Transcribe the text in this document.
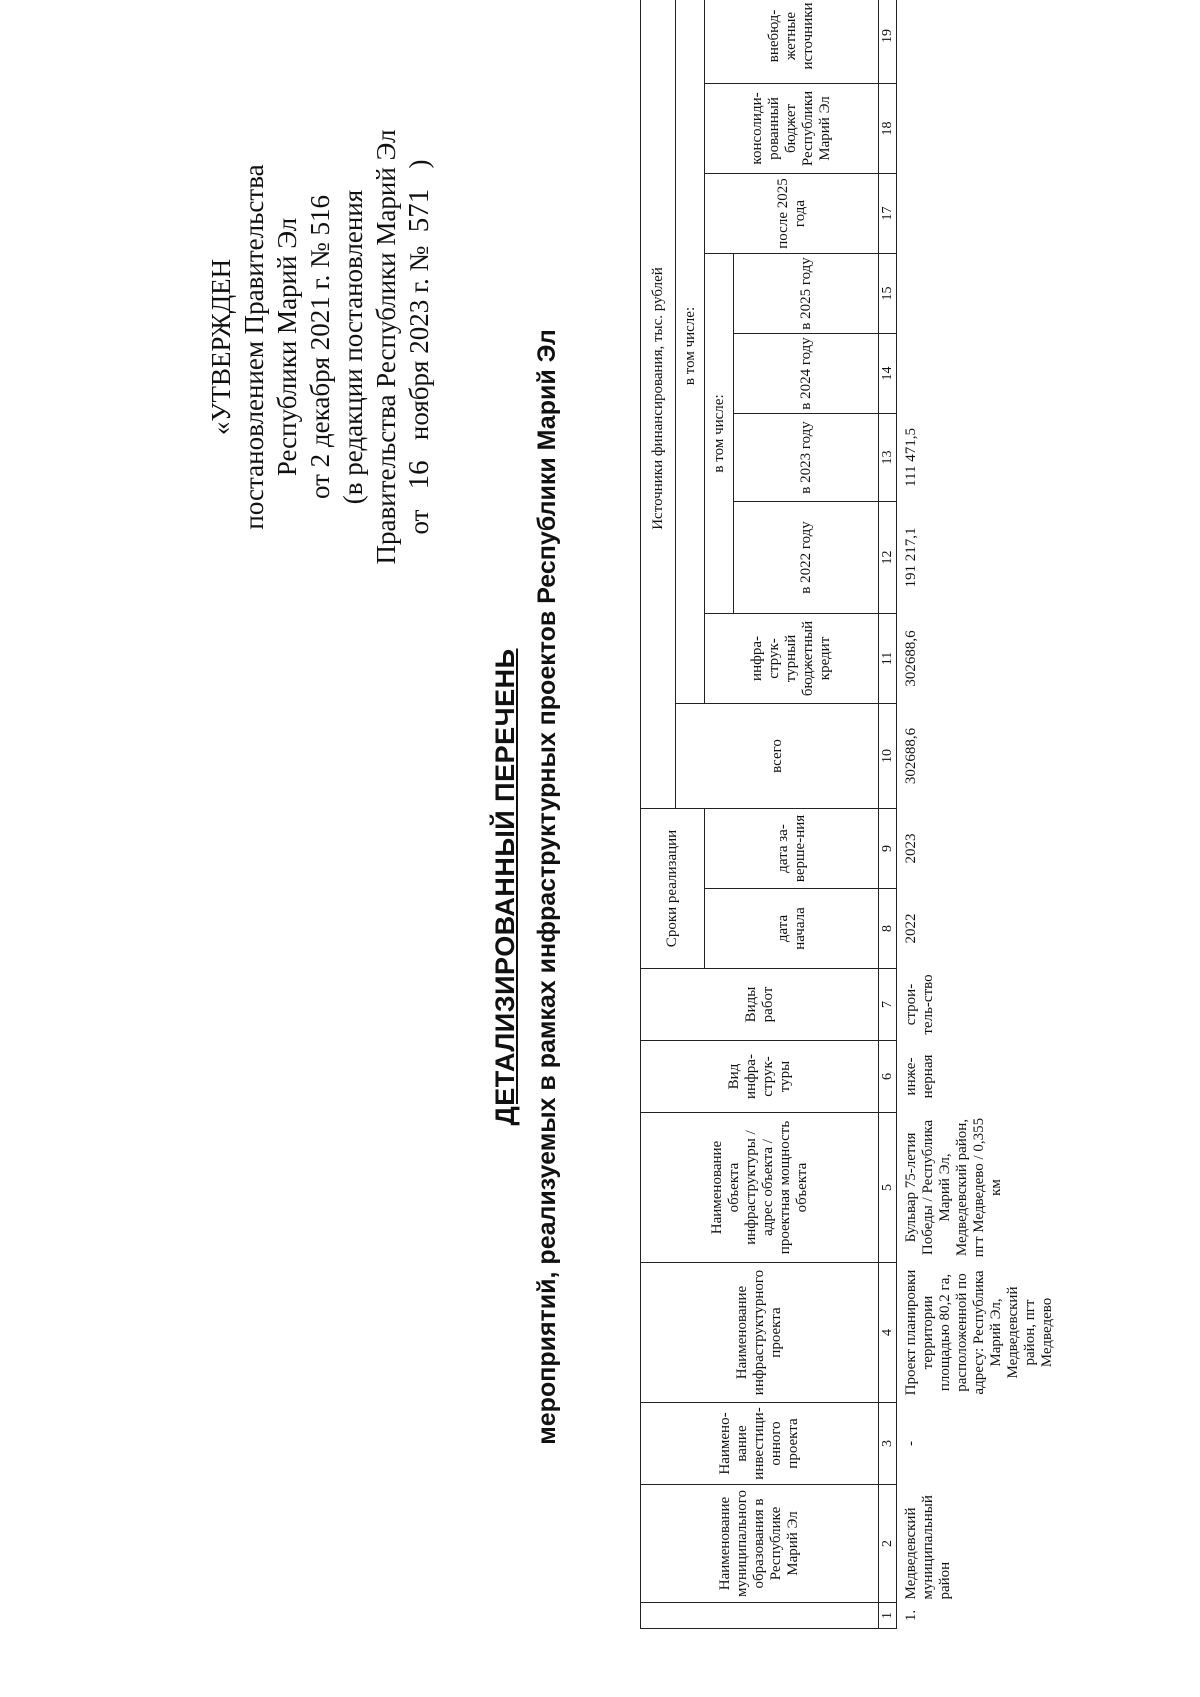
«УТВЕРЖДЕН постановлением Правительства Республики Марий Эл от 2 декабря 2021 г. № 516 (в редакции постановления Правительства Республики Марий Эл от   16   ноября 2023 г. №  571   )
ДЕТАЛИЗИРОВАННЫЙ ПЕРЕЧЕНЬ мероприятий, реализуемых в рамках инфраструктурных проектов Республики Марий Эл
	Наименование муниципального образования в Республике Марий Эл	Наимено-вание инвестици-онного проекта	Наименование инфраструктурного проекта	Наименование объекта инфраструктуры / адрес объекта / проектная мощность объекта	Вид инфра-струк-туры	Виды работ	Сроки реализации		Источники финансирования, тыс. рублей								
									всего	в том числе:							
							дата начала	дата за-верше-ния		инфра-струк-турный бюджетный кредит	в том числе:				после 2025 года	консолиди-рованный бюджет Республики Марий Эл	внебюд-жетные источники
											в 2022 году	в 2023 году	в 2024 году	в 2025 году			
1	2	3	4	5	6	7	8	9	10	11	12	13	14	15	17	18	19
1.	Медведевский муниципальный район	-	Проект планировки территории площадью 80,2 га, расположенной по адресу: Республика Марий Эл, Медведевский район, пгт Медведево	Бульвар 75-летия Победы / Республика Марий Эл, Медведевский район, пгт Медведево / 0,355 км	инже-нерная	строи-тель-ство	2022	2023	302688,6	302688,6	191 217,1	111 471,5					
